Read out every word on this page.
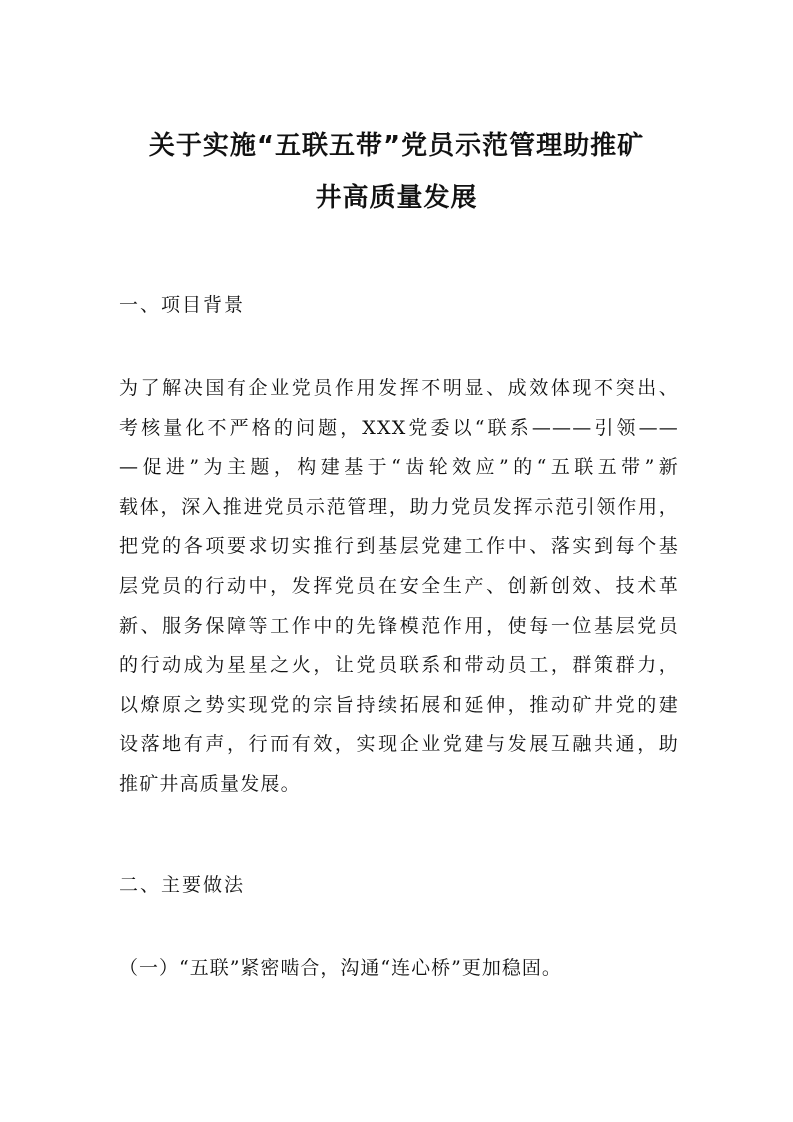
关于实施“五联五带”党员示范管理助推矿
井高质量发展
一、项目背景
为了解决国有企业党员作用发挥不明显、成效体现不突出、
考核量化不严格的问题，XXX党委以“联系———引领——
—促进”为主题，构建基于“齿轮效应”的“五联五带”新
载体，深入推进党员示范管理，助力党员发挥示范引领作用，
把党的各项要求切实推行到基层党建工作中、落实到每个基
层党员的行动中，发挥党员在安全生产、创新创效、技术革
新、服务保障等工作中的先锋模范作用，使每一位基层党员
的行动成为星星之火，让党员联系和带动员工，群策群力，
以燎原之势实现党的宗旨持续拓展和延伸，推动矿井党的建
设落地有声，行而有效，实现企业党建与发展互融共通，助
推矿井高质量发展。
二、主要做法
（一）“五联”紧密啮合，沟通“连心桥”更加稳固。
